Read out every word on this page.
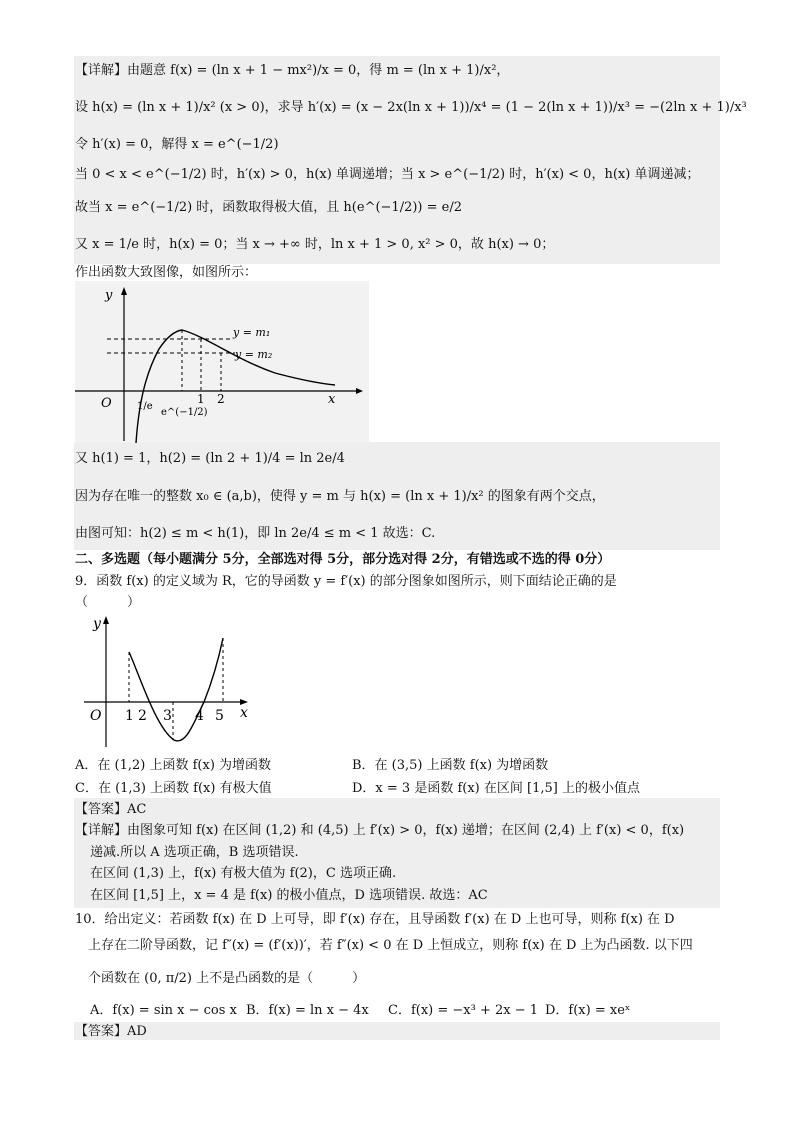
【详解】由题意 f(x) = (ln x + 1 − mx²)/x = 0，得 m = (ln x + 1)/x²，
设 h(x) = (ln x + 1)/x² (x > 0)，求导 h′(x) = (x − 2x(ln x + 1))/x⁴ = (1 − 2(ln x + 1))/x³ = −(2ln x + 1)/x³
令 h′(x) = 0，解得 x = e^(−1/2)
当 0 < x < e^(−1/2) 时，h′(x) > 0，h(x) 单调递增；当 x > e^(−1/2) 时，h′(x) < 0，h(x) 单调递减；
故当 x = e^(−1/2) 时，函数取得极大值，且 h(e^(−1/2)) = e/2
又 x = 1/e 时，h(x) = 0；当 x → +∞ 时，ln x + 1 > 0, x² > 0，故 h(x) → 0；
作出函数大致图像，如图所示：
y
x
O
y = m₁
y = m₂
1/e
e^(−1/2)
1 2
又 h(1) = 1，h(2) = (ln 2 + 1)/4 = ln 2e/4
因为存在唯一的整数 x₀ ∈ (a,b)，使得 y = m 与 h(x) = (ln x + 1)/x² 的图象有两个交点，
由图可知：h(2) ≤ m < h(1)，即 ln 2e/4 ≤ m < 1 故选：C.
二、多选题（每小题满分 5分，全部选对得 5分，部分选对得 2分，有错选或不选的得 0分）
9．函数 f(x) 的定义域为 R，它的导函数 y = f′(x) 的部分图象如图所示，则下面结论正确的是
（　　　）
y
x
O 1 2 3 4 5
A．在 (1,2) 上函数 f(x) 为增函数	B．在 (3,5) 上函数 f(x) 为增函数
C．在 (1,3) 上函数 f(x) 有极大值	D．x = 3 是函数 f(x) 在区间 [1,5] 上的极小值点
【答案】AC
【详解】由图象可知 f(x) 在区间 (1,2) 和 (4,5) 上 f′(x) > 0，f(x) 递增；在区间 (2,4) 上 f′(x) < 0，f(x)
递减.所以 A 选项正确，B 选项错误.
在区间 (1,3) 上，f(x) 有极大值为 f(2)，C 选项正确.
在区间 [1,5] 上，x = 4 是 f(x) 的极小值点，D 选项错误. 故选：AC
10．给出定义：若函数 f(x) 在 D 上可导，即 f′(x) 存在，且导函数 f′(x) 在 D 上也可导，则称 f(x) 在 D
上存在二阶导函数，记 f″(x) = (f′(x))′，若 f″(x) < 0 在 D 上恒成立，则称 f(x) 在 D 上为凸函数. 以下四
个函数在 (0, π/2) 上不是凸函数的是（　　　）
A．f(x) = sin x − cos x B．f(x) = ln x − 4x C．f(x) = −x³ + 2x − 1 D．f(x) = xeˣ
【答案】AD
